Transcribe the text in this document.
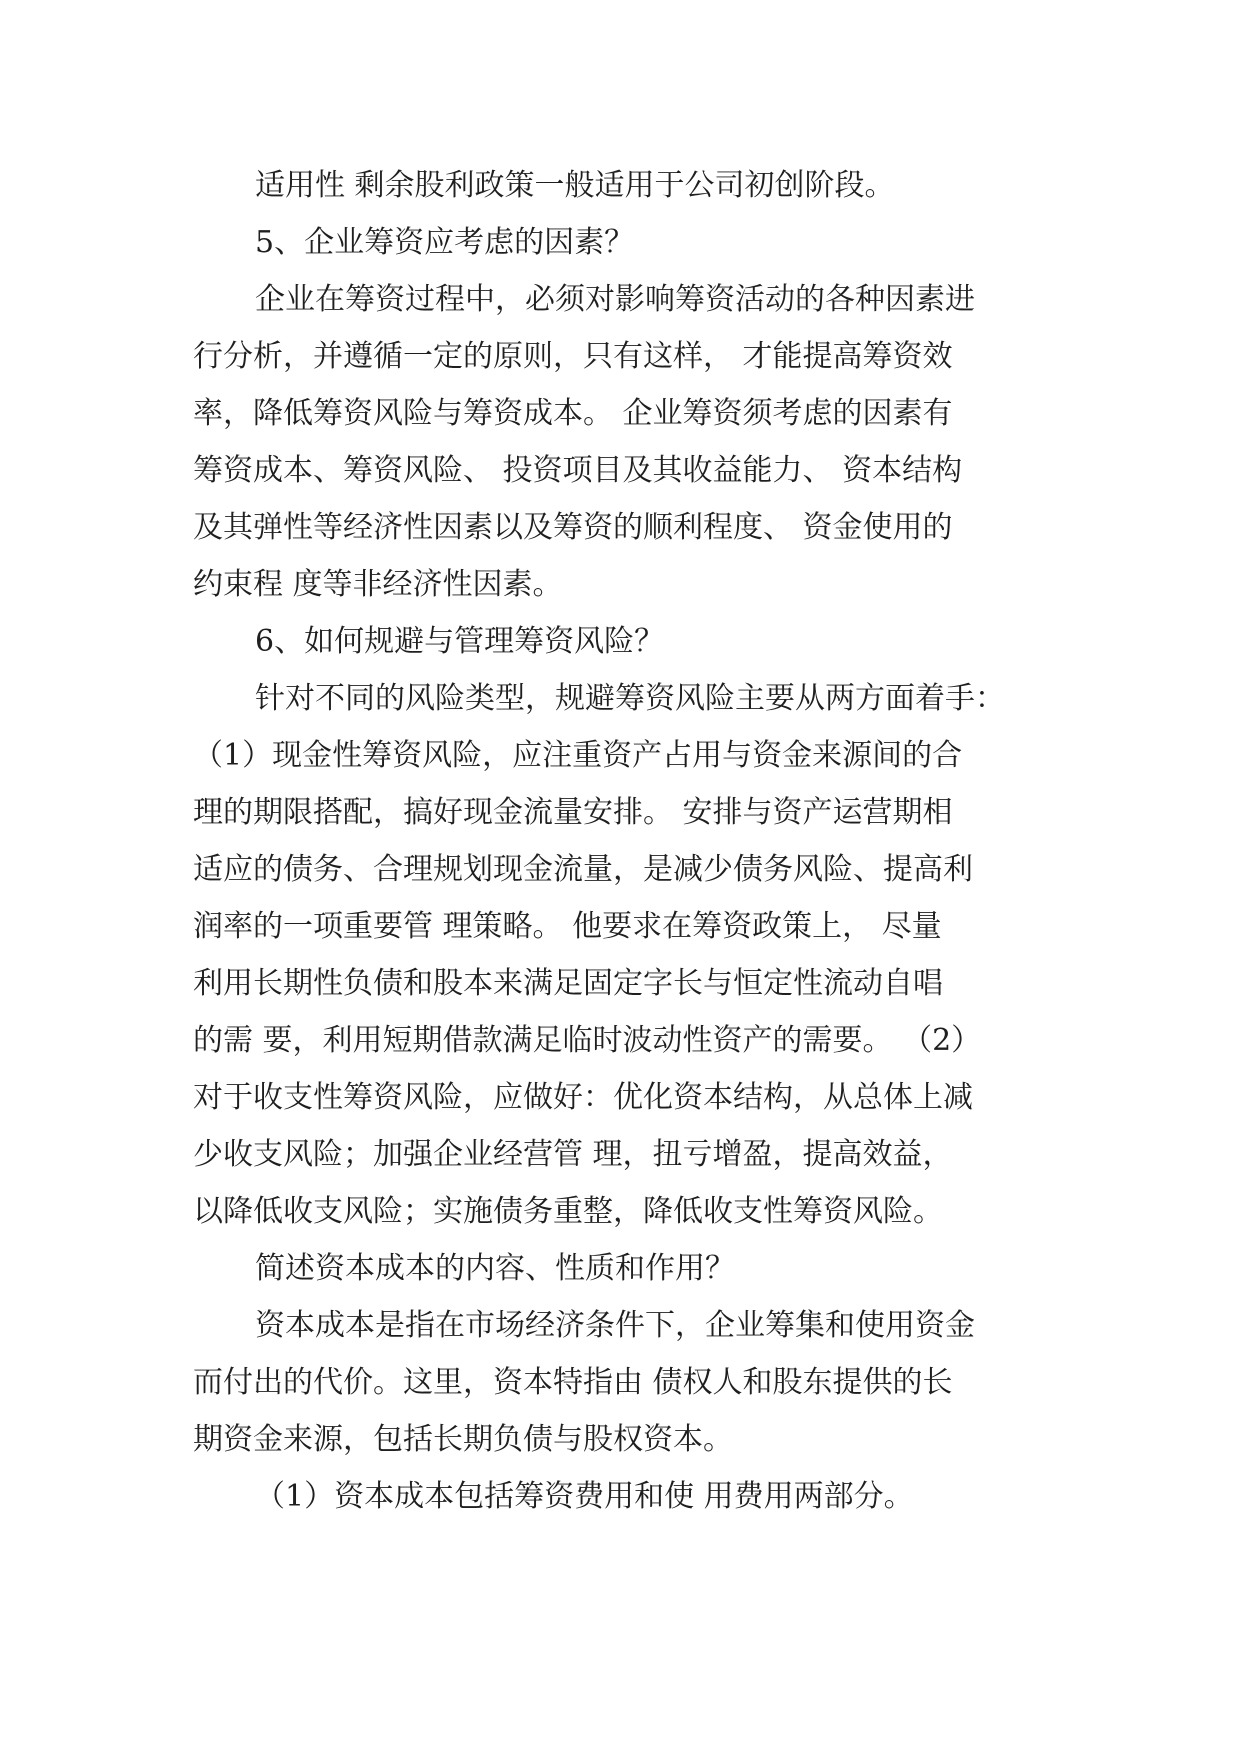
适用性 剩余股利政策一般适用于公司初创阶段。
5、企业筹资应考虑的因素？
企业在筹资过程中，必须对影响筹资活动的各种因素进
行分析，并遵循一定的原则，只有这样， 才能提高筹资效
率，降低筹资风险与筹资成本。 企业筹资须考虑的因素有
筹资成本、筹资风险、 投资项目及其收益能力、 资本结构
及其弹性等经济性因素以及筹资的顺利程度、 资金使用的
约束程 度等非经济性因素。
6、如何规避与管理筹资风险？
针对不同的风险类型，规避筹资风险主要从两方面着手：
（1）现金性筹资风险，应注重资产占用与资金来源间的合
理的期限搭配，搞好现金流量安排。 安排与资产运营期相
适应的债务、合理规划现金流量，是减少债务风险、提高利
润率的一项重要管 理策略。 他要求在筹资政策上， 尽量
利用长期性负债和股本来满足固定字长与恒定性流动自唱
的需 要，利用短期借款满足临时波动性资产的需要。 （2）
对于收支性筹资风险，应做好：优化资本结构，从总体上减
少收支风险；加强企业经营管 理，扭亏增盈，提高效益，
以降低收支风险；实施债务重整，降低收支性筹资风险。
简述资本成本的内容、性质和作用？
资本成本是指在市场经济条件下，企业筹集和使用资金
而付出的代价。这里，资本特指由 债权人和股东提供的长
期资金来源，包括长期负债与股权资本。
（1）资本成本包括筹资费用和使 用费用两部分。
